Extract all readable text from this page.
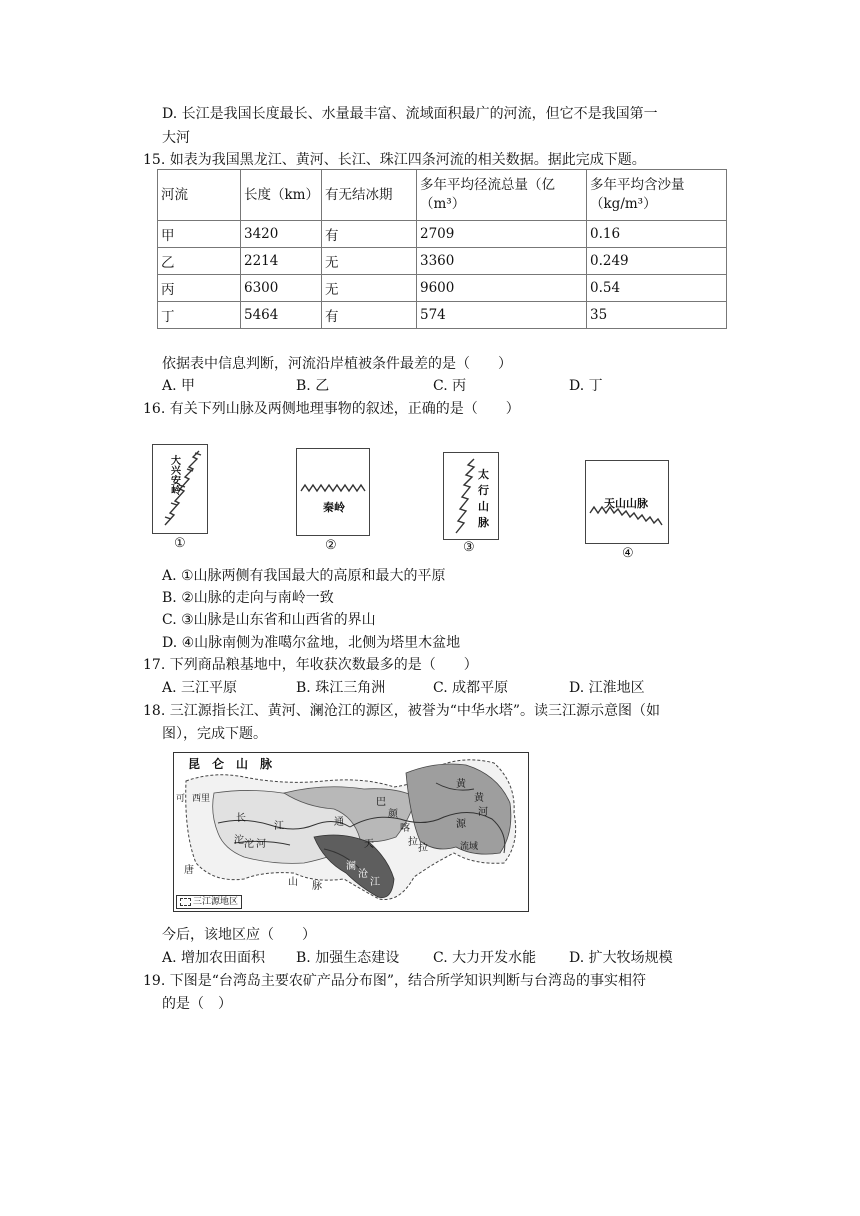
D. 长江是我国长度最长、水量最丰富、流域面积最广的河流，但它不是我国第一
大河
15. 如表为我国黑龙江、黄河、长江、珠江四条河流的相关数据。据此完成下题。
河流	长度（km）	有无结冰期	多年平均径流总量（亿（m³）	多年平均含沙量（kg/m³）
甲	3420	有	2709	0.16
乙	2214	无	3360	0.249
丙	6300	无	9600	0.54
丁	5464	有	574	35
依据表中信息判断，河流沿岸植被条件最差的是（　　）
A. 甲	B. 乙	C. 丙	D. 丁
16. 有关下列山脉及两侧地理事物的叙述，正确的是（　　）
大兴安岭
①
秦岭
②
太行山脉
③
天山山脉
④
A. ①山脉两侧有我国最大的高原和最大的平原
B. ②山脉的走向与南岭一致
C. ③山脉是山东省和山西省的界山
D. ④山脉南侧为准噶尔盆地，北侧为塔里木盆地
17. 下列商品粮基地中，年收获次数最多的是（　　）
A. 三江平原	B. 珠江三角洲	C. 成都平原	D. 江淮地区
18. 三江源指长江、黄河、澜沧江的源区，被誉为“中华水塔”。读三江源示意图（如
图），完成下题。
昆　仑　山　脉
可 西里
长
江
沱 沱 河
通
天
巴
颜
喀
拉
拉
黄
黄
河
源
流域
澜
沧
江
唐
山 脉
三江源地区
今后，该地区应（　　）
A. 增加农田面积 B. 加强生态建设 C. 大力开发水能 D. 扩大牧场规模
19. 下图是“台湾岛主要农矿产品分布图”，结合所学知识判断与台湾岛的事实相符
的是（　）
